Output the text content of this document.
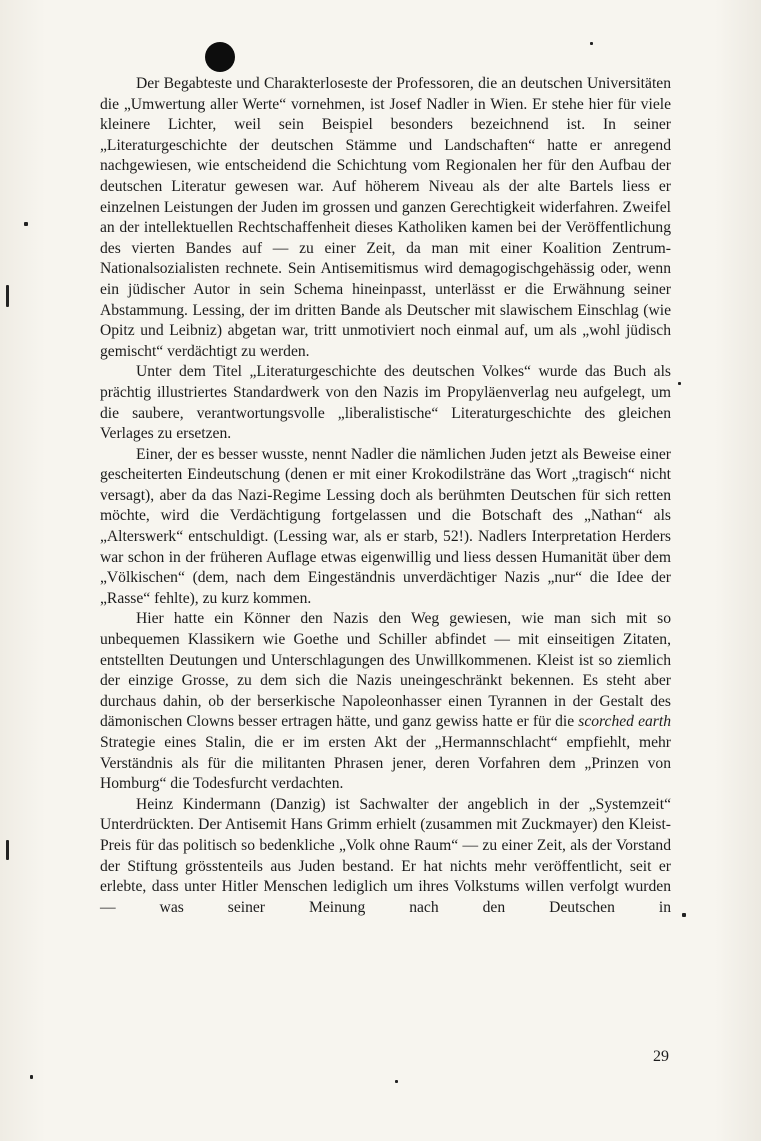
Der Begabteste und Charakterloseste der Professoren, die an deutschen Universitäten die „Umwertung aller Werte“ vornehmen, ist Josef Nadler in Wien. Er stehe hier für viele kleinere Lichter, weil sein Beispiel besonders bezeichnend ist. In seiner „Literaturgeschichte der deutschen Stämme und Landschaften“ hatte er anregend nachgewiesen, wie entscheidend die Schichtung vom Regionalen her für den Aufbau der deutschen Literatur gewesen war. Auf höherem Niveau als der alte Bartels liess er einzelnen Leistungen der Juden im grossen und ganzen Gerechtigkeit widerfahren. Zweifel an der intellektuellen Rechtschaffenheit dieses Katholiken kamen bei der Veröffentlichung des vierten Bandes auf — zu einer Zeit, da man mit einer Koalition Zentrum-Nationalsozialisten rechnete. Sein Antisemitismus wird demagogischgehässig oder, wenn ein jüdischer Autor in sein Schema hineinpasst, unterlässt er die Erwähnung seiner Abstammung. Lessing, der im dritten Bande als Deutscher mit slawischem Einschlag (wie Opitz und Leibniz) abgetan war, tritt unmotiviert noch einmal auf, um als „wohl jüdisch gemischt“ verdächtigt zu werden.

Unter dem Titel „Literaturgeschichte des deutschen Volkes“ wurde das Buch als prächtig illustriertes Standardwerk von den Nazis im Propyläenverlag neu aufgelegt, um die saubere, verantwortungsvolle „liberalistische“ Literaturgeschichte des gleichen Verlages zu ersetzen.

Einer, der es besser wusste, nennt Nadler die nämlichen Juden jetzt als Beweise einer gescheiterten Eindeutschung (denen er mit einer Krokodilsträne das Wort „tragisch“ nicht versagt), aber da das Nazi-Regime Lessing doch als berühmten Deutschen für sich retten möchte, wird die Verdächtigung fortgelassen und die Botschaft des „Nathan“ als „Alterswerk“ entschuldigt. (Lessing war, als er starb, 52!). Nadlers Interpretation Herders war schon in der früheren Auflage etwas eigenwillig und liess dessen Humanität über dem „Völkischen“ (dem, nach dem Eingeständnis unverdächtiger Nazis „nur“ die Idee der „Rasse“ fehlte), zu kurz kommen.

Hier hatte ein Könner den Nazis den Weg gewiesen, wie man sich mit so unbequemen Klassikern wie Goethe und Schiller abfindet — mit einseitigen Zitaten, entstellten Deutungen und Unterschlagungen des Unwillkommenen. Kleist ist so ziemlich der einzige Grosse, zu dem sich die Nazis uneingeschränkt bekennen. Es steht aber durchaus dahin, ob der berserkische Napoleonhasser einen Tyrannen in der Gestalt des dämonischen Clowns besser ertragen hätte, und ganz gewiss hatte er für die scorched earth Strategie eines Stalin, die er im ersten Akt der „Hermannschlacht“ empfiehlt, mehr Verständnis als für die militanten Phrasen jener, deren Vorfahren dem „Prinzen von Homburg“ die Todesfurcht verdachten.

Heinz Kindermann (Danzig) ist Sachwalter der angeblich in der „Systemzeit“ Unterdrückten. Der Antisemit Hans Grimm erhielt (zusammen mit Zuckmayer) den Kleist-Preis für das politisch so bedenkliche „Volk ohne Raum“ — zu einer Zeit, als der Vorstand der Stiftung grösstenteils aus Juden bestand. Er hat nichts mehr veröffentlicht, seit er erlebte, dass unter Hitler Menschen lediglich um ihres Volkstums willen verfolgt wurden — was seiner Meinung nach den Deutschen in

29
